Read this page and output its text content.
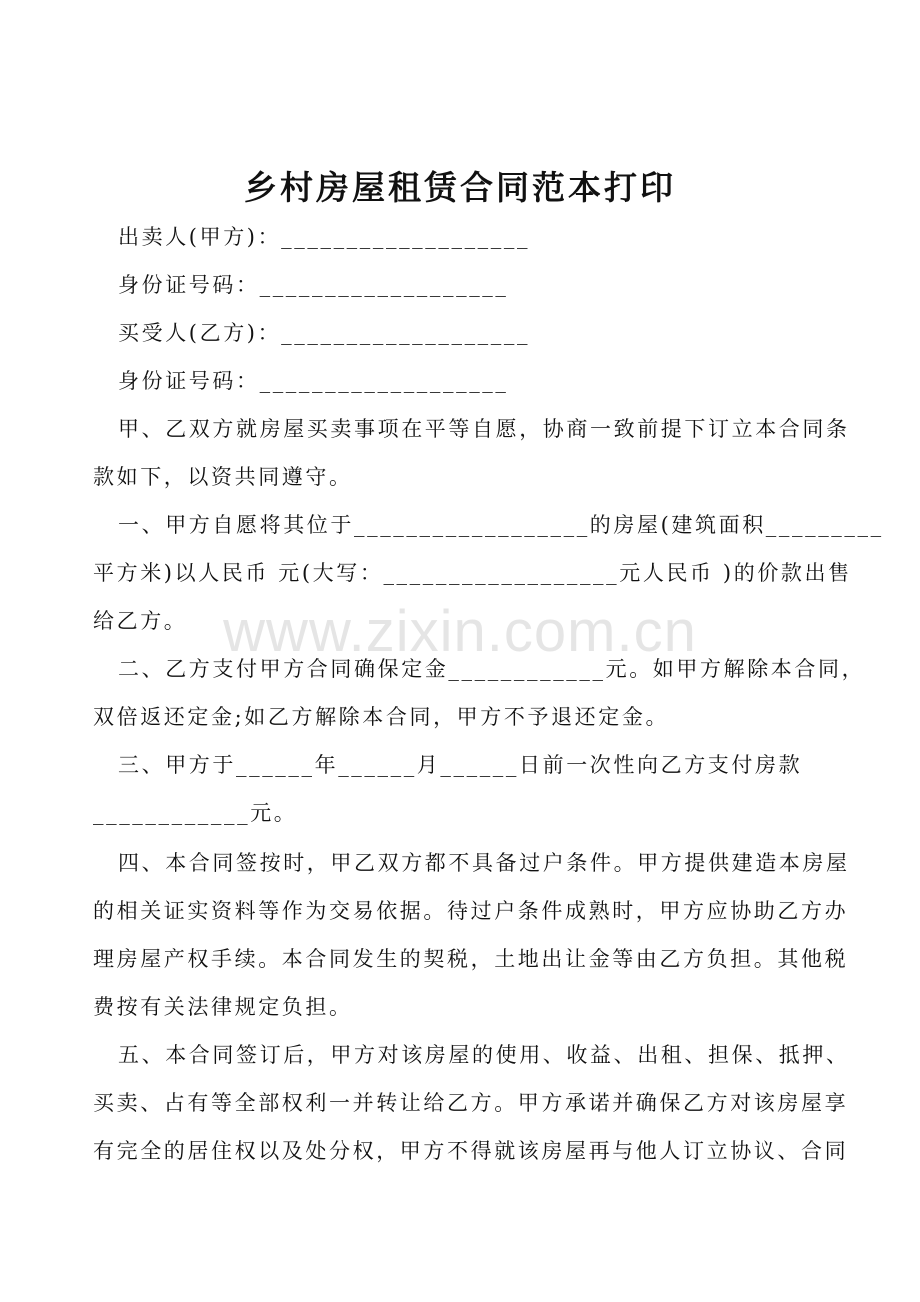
www.zixin.com.cn
乡村房屋租赁合同范本打印
出卖人(甲方)：___________________
身份证号码：___________________
买受人(乙方)：___________________
身份证号码：___________________
甲、乙双方就房屋买卖事项在平等自愿，协商一致前提下订立本合同条
款如下，以资共同遵守。
一、甲方自愿将其位于__________________的房屋(建筑面积_________
平方米)以人民币 元(大写：__________________元人民币 )的价款出售
给乙方。
二、乙方支付甲方合同确保定金____________元。如甲方解除本合同，
双倍返还定金;如乙方解除本合同，甲方不予退还定金。
三、甲方于______年______月______日前一次性向乙方支付房款
____________元。
四、本合同签按时，甲乙双方都不具备过户条件。甲方提供建造本房屋
的相关证实资料等作为交易依据。待过户条件成熟时，甲方应协助乙方办
理房屋产权手续。本合同发生的契税，土地出让金等由乙方负担。其他税
费按有关法律规定负担。
五、本合同签订后，甲方对该房屋的使用、收益、出租、担保、抵押、
买卖、占有等全部权利一并转让给乙方。甲方承诺并确保乙方对该房屋享
有完全的居住权以及处分权，甲方不得就该房屋再与他人订立协议、合同
